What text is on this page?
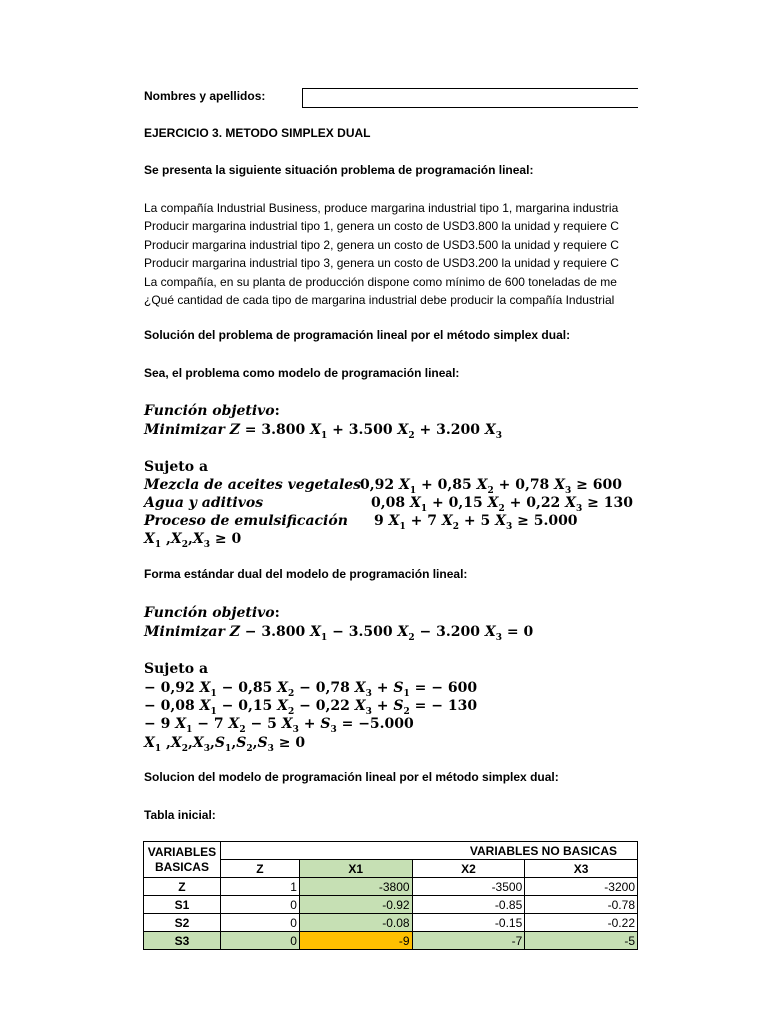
Nombres y apellidos:
EJERCICIO 3. METODO SIMPLEX DUAL
Se presenta la siguiente situación problema de programación lineal:
La compañía Industrial Business, produce margarina industrial tipo 1, margarina industria
Producir margarina industrial tipo 1, genera un costo de USD3.800 la unidad y requiere C
Producir margarina industrial tipo 2, genera un costo de USD3.500 la unidad y requiere C
Producir margarina industrial tipo 3, genera un costo de USD3.200 la unidad y requiere C
La compañía, en su planta de producción dispone como mínimo de 600 toneladas de me
¿Qué cantidad de cada tipo de margarina industrial debe producir la compañía Industrial
Solución del problema de programación lineal por el método simplex dual:
Sea, el problema como modelo de programación lineal:
Función objetivo:
Minimizar Z = 3.800 $X_1 + 3.500$ $X_2 + 3.200$ $X_3$
Sujeto a
Mezcla de aceites vegetales
0,92 $X_1 + 0,85$ $X_2 + 0,78$ $X_3 \ge 600$
Agua y aditivos	0,08 $X_1 + 0,15$ $X_2 + 0,22$ $X_3 \ge 130$
Proceso de emulsificación 9 $X_1 + 7$ $X_2 + 5$ $X_3 \ge 5.000$
$X_1$ $,X_2,X_3 \ge 0$
Forma estándar dual del modelo de programación lineal:
Función objetivo:
Minimizar Z − 3.800 $X_1 - 3.500$ $X_2 - 3.200$ $X_3 = 0$
Sujeto a
− 0,92 $X_1 - 0,85$ $X_2 - 0,78$ $X_3 + S_1$ = − 600
− 0,08 $X_1 - 0,15$ $X_2 - 0,22$ $X_3 + S_2$ = − 130
− 9 $X_1 - 7$ $X_2 - 5$ $X_3 + S_3 = -5.000$
$X_1$ $,X_2,X_3,S_1,S_2,S_3 \ge 0$
Solucion del modelo de programación lineal por el método simplex dual:
Tabla inicial:
VARIABLES
BASICAS	VARIABLES NO BASICAS			
	Z	X1	X2	X3
Z	1	-3800	-3500	-3200
S1	0	-0.92	-0.85	-0.78
S2	0	-0.08	-0.15	-0.22
S3	0	-9	-7	-5
